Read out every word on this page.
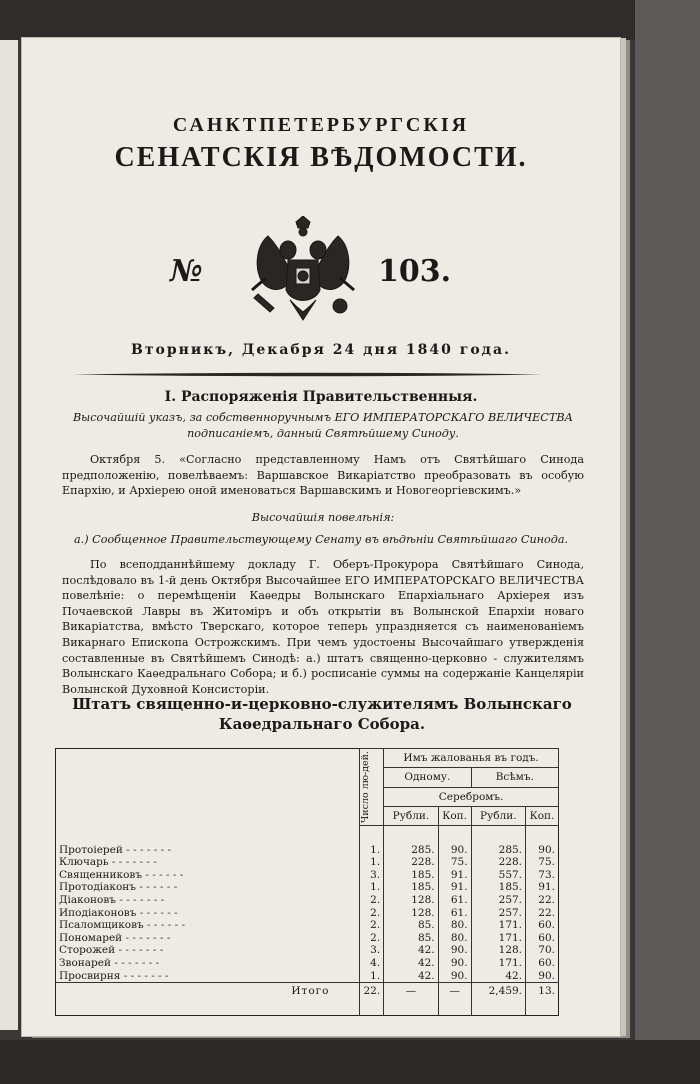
САНКТПЕТЕРБУРГСКІЯ
СЕНАТСКІЯ ВѢДОМОСТИ.
№	103.
Вторникъ, Декабря 24 дня 1840 года.
I. Распоряженія Правительственныя.
Высочайшій указъ, за собственноручнымъ ЕГО ИМПЕРАТОРСКАГО ВЕЛИЧЕСТВА
подписаніемъ, данный Святѣйшему Синоду.
Октября 5. «Согласно представленному Намъ отъ Святѣйшаго Синода предположенію, повелѣваемъ: Варшавское Викаріатство преобразовать въ особую Епархію, и Архіерею оной именоваться Варшавскимъ и Новогеоргіевскимъ.»
Высочайшія повелѣнія:
а.) Сообщенное Правительствующему Сенату въ вѣдѣніи Святѣйшаго Синода.
По всеподданнѣйшему докладу Г. Оберъ-Прокурора Святѣйшаго Синода, послѣдовало въ 1-й день Октября Высочайшее ЕГО ИМПЕРАТОРСКАГО ВЕЛИЧЕСТВА повелѣніе: о перемѣщеніи Каѳедры Волынскаго Епархіальнаго Архіерея изъ Почаевской Лавры въ Житоміръ и объ открытіи въ Волынской Епархіи новаго Викаріатства, вмѣсто Тверскаго, которое теперь упраздняется съ наименованіемъ Викарнаго Епископа Острожскимъ. При чемъ удостоены Высочайшаго утвержденія составленные въ Святѣйшемъ Синодѣ: а.) штатъ священно-церковно - служителямъ Волынскаго Каѳедральнаго Собора; и б.) росписаніе суммы на содержаніе Канцеляріи Волынской Духовной Консисторіи.
Штатъ священно-и-церковно-служителямъ Волынскаго Каѳедральнаго Собора.

	Число лю-дей.	Имъ жалованья въ годъ.			
		Одному.		Всѣмъ.	
		Серебромъ.			
		Рубли.	Коп.	Рубли.	Коп.

Протоіерей - - - - - - -	1.	285.	90.	285.	90.
Ключарь - - - - - - -	1.	228.	75.	228.	75.
Священниковъ - - - - - -	3.	185.	91.	557.	73.
Протодіаконъ - - - - - -	1.	185.	91.	185.	91.
Діаконовъ - - - - - - -	2.	128.	61.	257.	22.
Иподіаконовъ - - - - - -	2.	128.	61.	257.	22.
Псаломщиковъ - - - - - -	2.	85.	80.	171.	60.
Пономарей - - - - - - -	2.	85.	80.	171.	60.
Сторожей - - - - - - -	3.	42.	90.	128.	70.
Звонарей - - - - - - -	4.	42.	90.	171.	60.
Просвирня - - - - - - -	1.	42.	90.	42.	90.
Итого	22.	—	—	2,459.	13.
